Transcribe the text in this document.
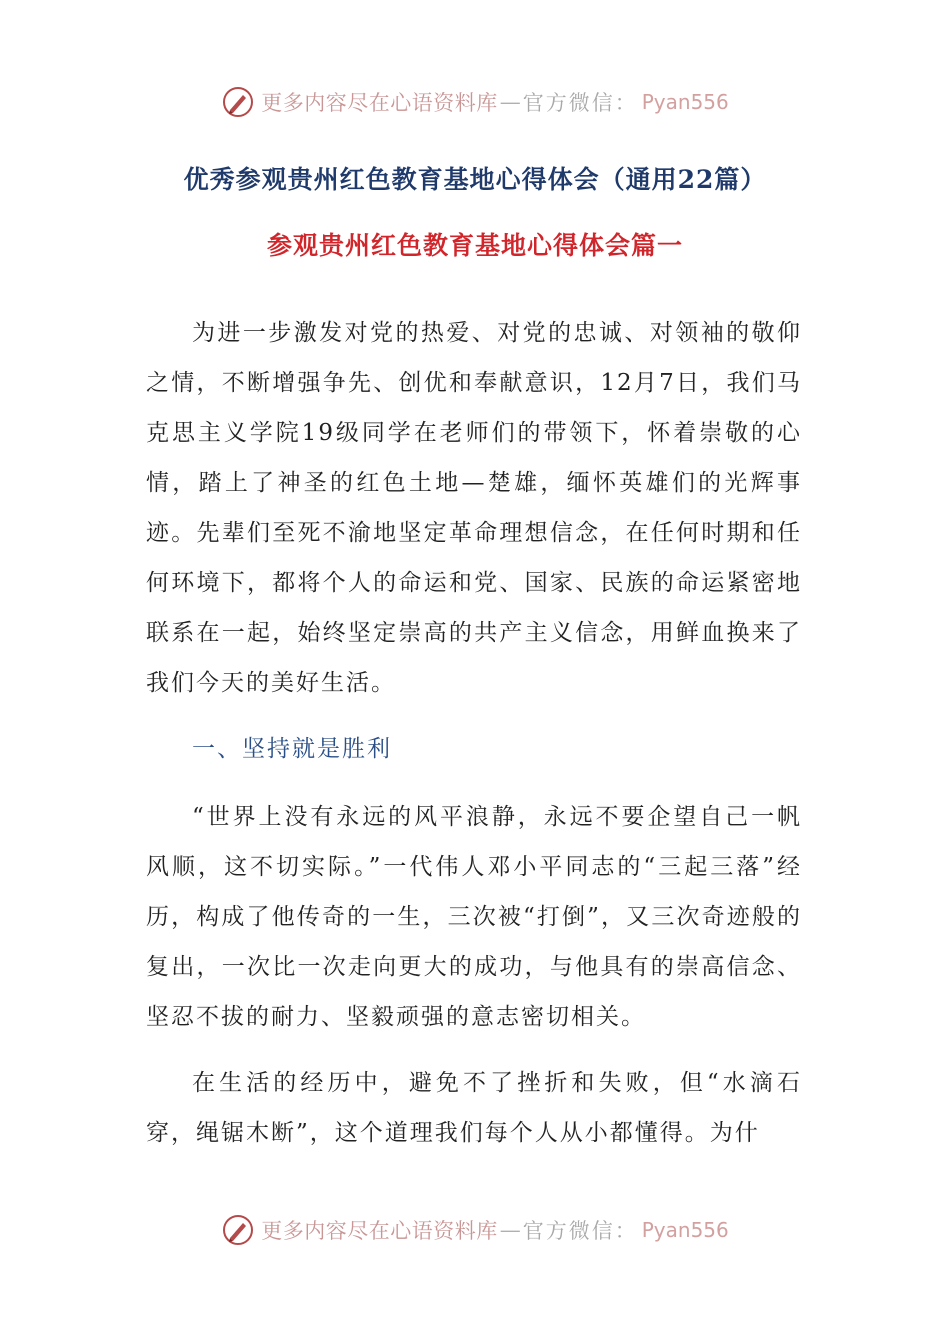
更多内容尽在心语资料库 — 官方微信： Pyan556
优秀参观贵州红色教育基地心得体会（通用22篇）
参观贵州红色教育基地心得体会篇一

为进一步激发对党的热爱、对党的忠诚、对领袖的敬仰之情，不断增强争先、创优和奉献意识，12月7日，我们马克思主义学院19级同学在老师们的带领下，怀着崇敬的心情，踏上了神圣的红色土地—楚雄，缅怀英雄们的光辉事迹。先辈们至死不渝地坚定革命理想信念，在任何时期和任何环境下，都将个人的命运和党、国家、民族的命运紧密地联系在一起，始终坚定崇高的共产主义信念，用鲜血换来了我们今天的美好生活。

一、坚持就是胜利

“世界上没有永远的风平浪静，永远不要企望自己一帆风顺，这不切实际。”一代伟人邓小平同志的“三起三落”经历，构成了他传奇的一生，三次被“打倒”，又三次奇迹般的复出，一次比一次走向更大的成功，与他具有的崇高信念、坚忍不拔的耐力、坚毅顽强的意志密切相关。

在生活的经历中，避免不了挫折和失败，但“水滴石穿，绳锯木断”，这个道理我们每个人从小都懂得。为什

更多内容尽在心语资料库 — 官方微信： Pyan556
